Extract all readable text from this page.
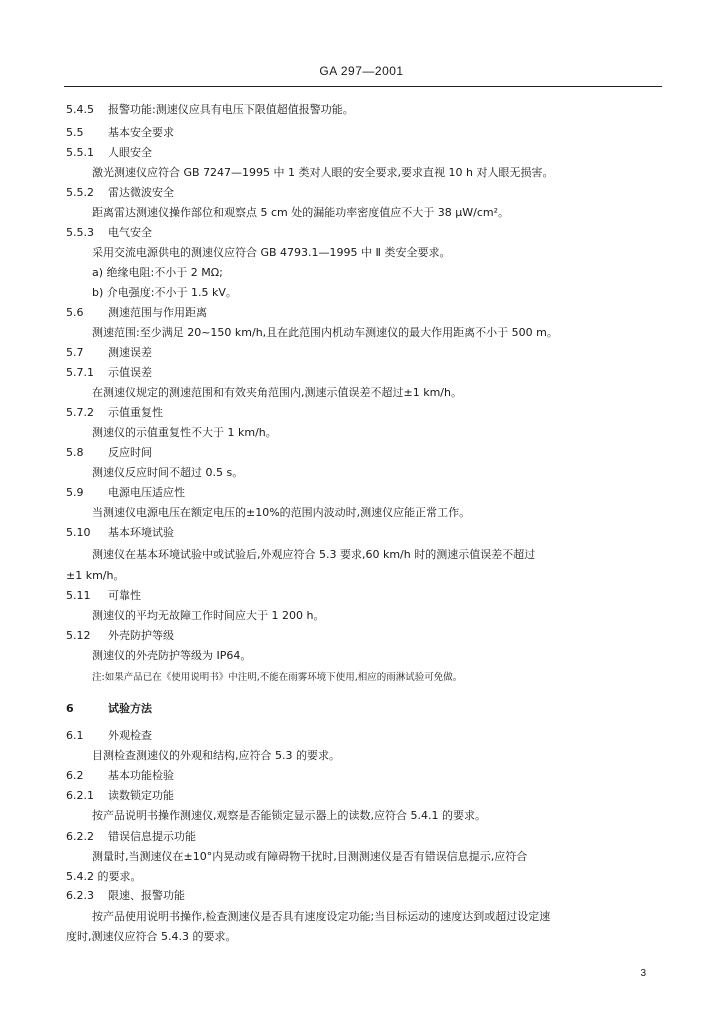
GA 297—2001
5.4.5 报警功能:测速仪应具有电压下限值超值报警功能。
5.5 基本安全要求
5.5.1 人眼安全
激光测速仪应符合 GB 7247—1995 中 1 类对人眼的安全要求,要求直视 10 h 对人眼无损害。
5.5.2 雷达微波安全
距离雷达测速仪操作部位和观察点 5 cm 处的漏能功率密度值应不大于 38 μW/cm²。
5.5.3 电气安全
采用交流电源供电的测速仪应符合 GB 4793.1—1995 中 Ⅱ 类安全要求。
a) 绝缘电阻:不小于 2 MΩ;
b) 介电强度:不小于 1.5 kV。
5.6 测速范围与作用距离
测速范围:至少满足 20~150 km/h,且在此范围内机动车测速仪的最大作用距离不小于 500 m。
5.7 测速误差
5.7.1 示值误差
在测速仪规定的测速范围和有效夹角范围内,测速示值误差不超过±1 km/h。
5.7.2 示值重复性
测速仪的示值重复性不大于 1 km/h。
5.8 反应时间
测速仪反应时间不超过 0.5 s。
5.9 电源电压适应性
当测速仪电源电压在额定电压的±10%的范围内波动时,测速仪应能正常工作。
5.10 基本环境试验
测速仪在基本环境试验中或试验后,外观应符合 5.3 要求,60 km/h 时的测速示值误差不超过
±1 km/h。
5.11 可靠性
测速仪的平均无故障工作时间应大于 1 200 h。
5.12 外壳防护等级
测速仪的外壳防护等级为 IP64。
注:如果产品已在《使用说明书》中注明,不能在雨雾环境下使用,相应的雨淋试验可免做。
6	试验方法
6.1 外观检查
目测检查测速仪的外观和结构,应符合 5.3 的要求。
6.2 基本功能检验
6.2.1 读数锁定功能
按产品说明书操作测速仪,观察是否能锁定显示器上的读数,应符合 5.4.1 的要求。
6.2.2 错误信息提示功能
测量时,当测速仪在±10°内晃动或有障碍物干扰时,目测测速仪是否有错误信息提示,应符合
5.4.2 的要求。
6.2.3 限速、报警功能
按产品使用说明书操作,检查测速仪是否具有速度设定功能;当目标运动的速度达到或超过设定速
度时,测速仪应符合 5.4.3 的要求。
3
